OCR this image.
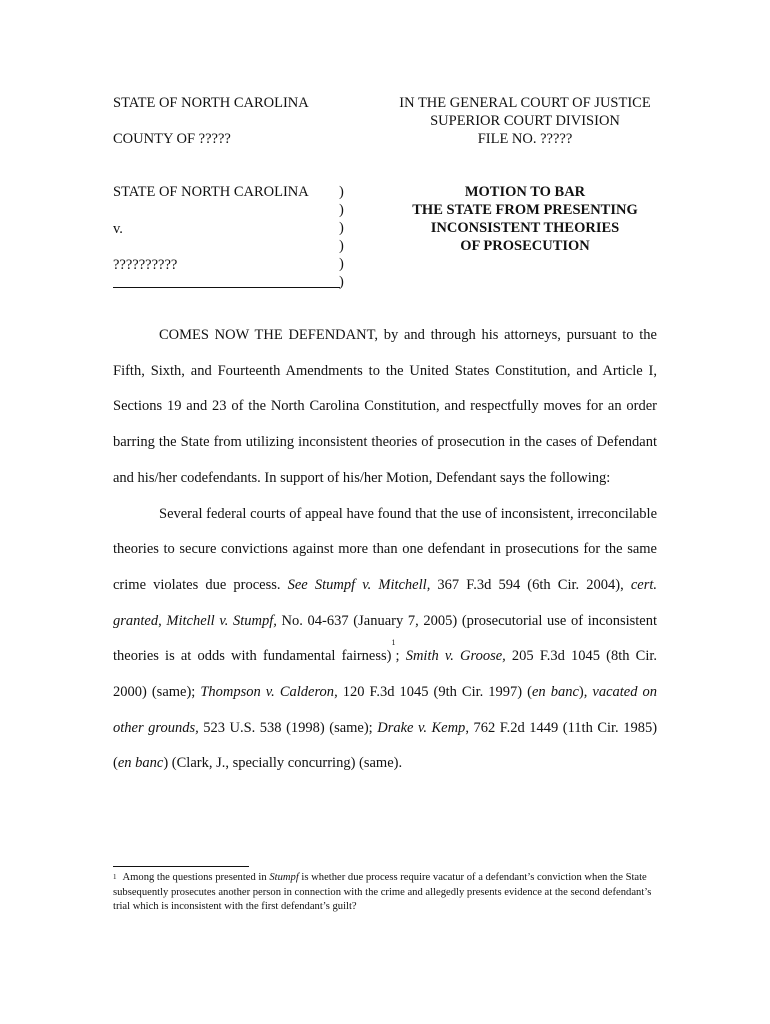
STATE OF NORTH CAROLINA
COUNTY OF ?????
IN THE GENERAL COURT OF JUSTICE
SUPERIOR COURT DIVISION
FILE NO. ?????
STATE OF NORTH CAROLINA
v.
??????????
)
)
)
)
)
)
MOTION TO BAR
THE STATE FROM PRESENTING
INCONSISTENT THEORIES
OF PROSECUTION

COMES NOW THE DEFENDANT, by and through his attorneys, pursuant to the Fifth, Sixth, and Fourteenth Amendments to the United States Constitution, and Article I, Sections 19 and 23 of the North Carolina Constitution, and respectfully moves for an order barring the State from utilizing inconsistent theories of prosecution in the cases of Defendant and his/her codefendants. In support of his/her Motion, Defendant says the following:

Several federal courts of appeal have found that the use of inconsistent, irreconcilable theories to secure convictions against more than one defendant in prosecutions for the same crime violates due process. See Stumpf v. Mitchell, 367 F.3d 594 (6th Cir. 2004), cert. granted, Mitchell v. Stumpf, No. 04-637 (January 7, 2005) (prosecutorial use of inconsistent theories is at odds with fundamental fairness)$^1$; Smith v. Groose, 205 F.3d 1045 (8th Cir. 2000) (same); Thompson v. Calderon, 120 F.3d 1045 (9th Cir. 1997) (en banc), vacated on other grounds, 523 U.S. 538 (1998) (same); Drake v. Kemp, 762 F.2d 1449 (11th Cir. 1985) (en banc) (Clark, J., specially concurring) (same).

$^1$ Among the questions presented in Stumpf is whether due process require vacatur of a defendant’s conviction when the State subsequently prosecutes another person in connection with the crime and allegedly presents evidence at the second defendant’s trial which is inconsistent with the first defendant’s guilt?
